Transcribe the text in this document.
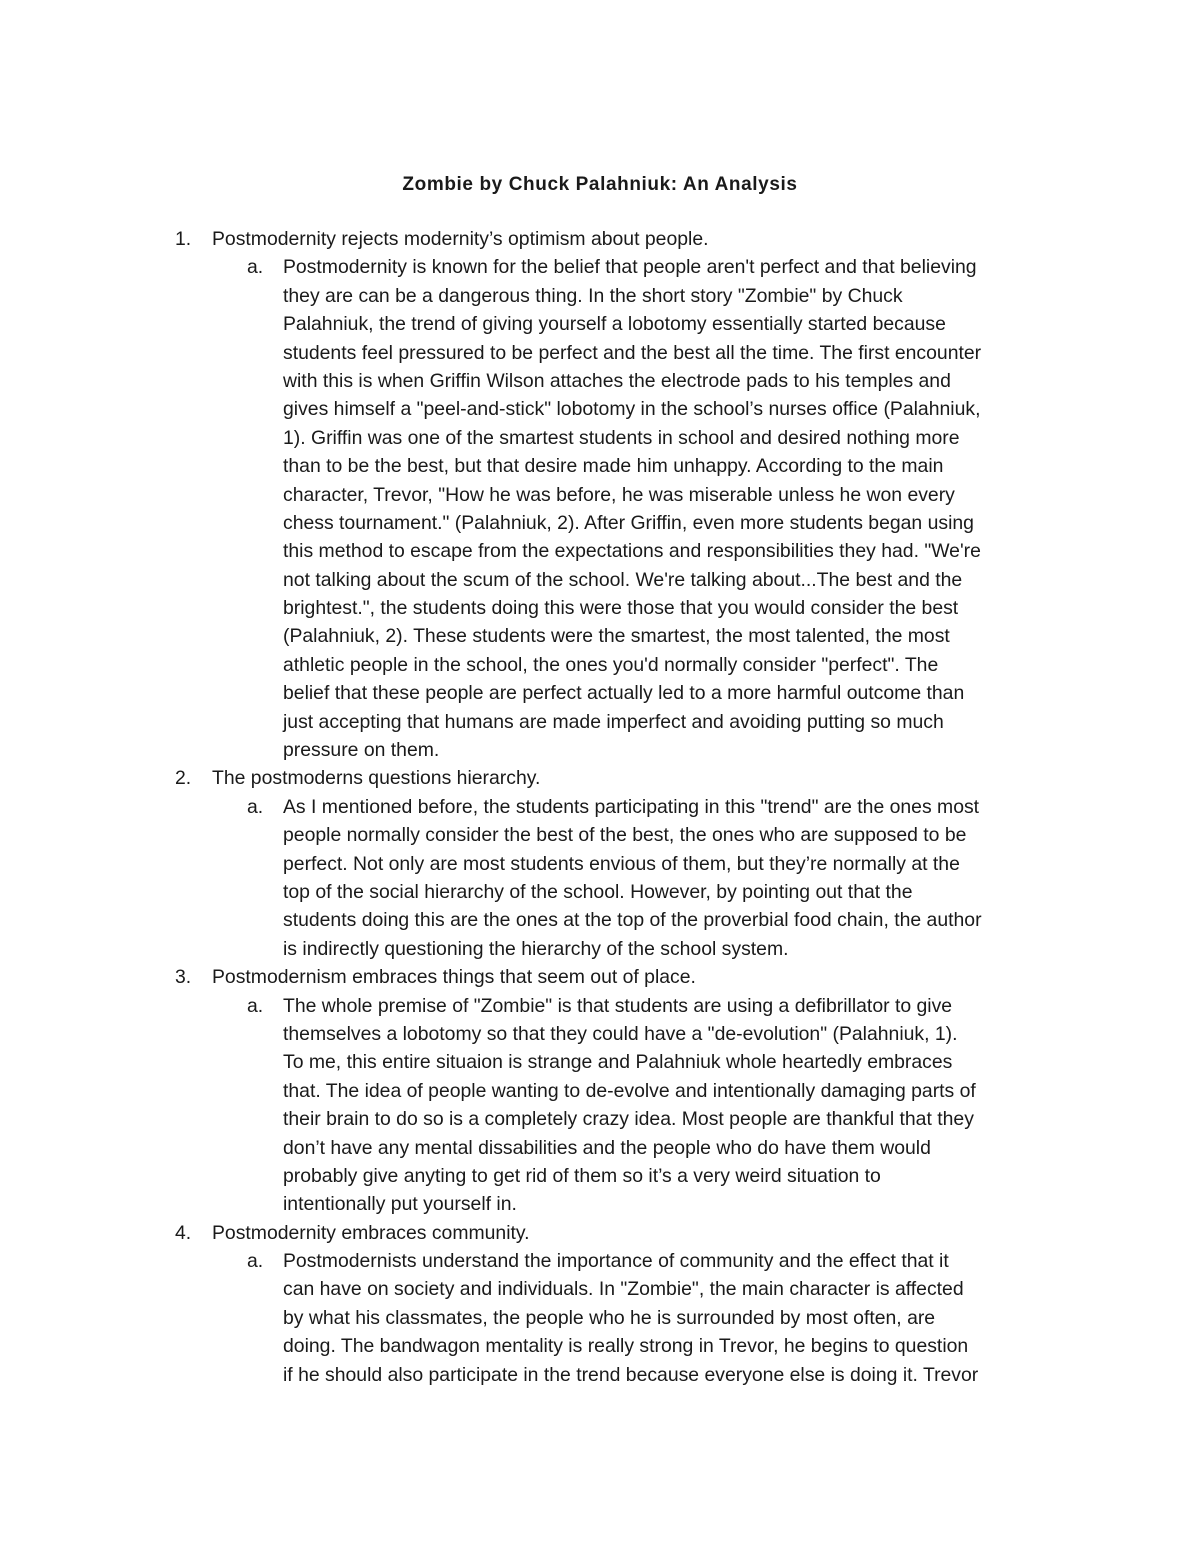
Zombie by Chuck Palahniuk: An Analysis
1.	Postmodernity rejects modernity’s optimism about people.
a. Postmodernity is known for the belief that people aren't perfect and that believing
they are can be a dangerous thing. In the short story "Zombie" by Chuck
Palahniuk, the trend of giving yourself a lobotomy essentially started because
students feel pressured to be perfect and the best all the time. The first encounter
with this is when Griffin Wilson attaches the electrode pads to his temples and
gives himself a "peel-and-stick" lobotomy in the school’s nurses office (Palahniuk,
1). Griffin was one of the smartest students in school and desired nothing more
than to be the best, but that desire made him unhappy. According to the main
character, Trevor, "How he was before, he was miserable unless he won every
chess tournament." (Palahniuk, 2). After Griffin, even more students began using
this method to escape from the expectations and responsibilities they had. "We're
not talking about the scum of the school. We're talking about...The best and the
brightest.", the students doing this were those that you would consider the best
(Palahniuk, 2). These students were the smartest, the most talented, the most
athletic people in the school, the ones you'd normally consider "perfect". The
belief that these people are perfect actually led to a more harmful outcome than
just accepting that humans are made imperfect and avoiding putting so much
pressure on them.
2.	The postmoderns questions hierarchy.
a. As I mentioned before, the students participating in this "trend" are the ones most
people normally consider the best of the best, the ones who are supposed to be
perfect. Not only are most students envious of them, but they’re normally at the
top of the social hierarchy of the school. However, by pointing out that the
students doing this are the ones at the top of the proverbial food chain, the author
is indirectly questioning the hierarchy of the school system.
3.	Postmodernism embraces things that seem out of place.
a. The whole premise of "Zombie" is that students are using a defibrillator to give
themselves a lobotomy so that they could have a "de-evolution" (Palahniuk, 1).
To me, this entire situaion is strange and Palahniuk whole heartedly embraces
that. The idea of people wanting to de-evolve and intentionally damaging parts of
their brain to do so is a completely crazy idea. Most people are thankful that they
don’t have any mental dissabilities and the people who do have them would
probably give anyting to get rid of them so it’s a very weird situation to
intentionally put yourself in.
4.	Postmodernity embraces community.
a. Postmodernists understand the importance of community and the effect that it
can have on society and individuals. In "Zombie", the main character is affected
by what his classmates, the people who he is surrounded by most often, are
doing. The bandwagon mentality is really strong in Trevor, he begins to question
if he should also participate in the trend because everyone else is doing it. Trevor
